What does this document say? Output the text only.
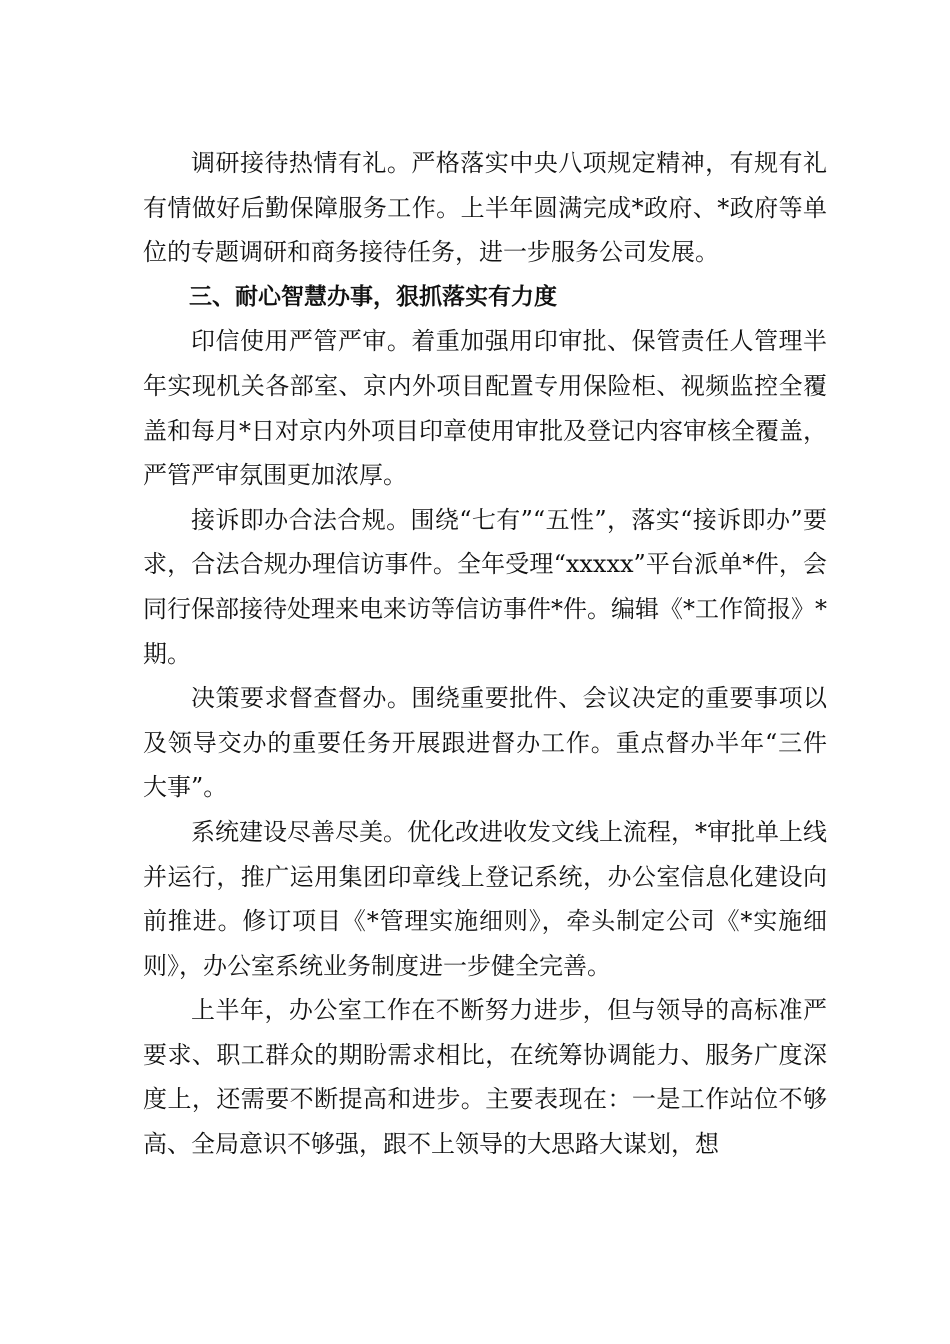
调研接待热情有礼。严格落实中央八项规定精神，有规有礼有情做好后勤保障服务工作。上半年圆满完成*政府、*政府等单位的专题调研和商务接待任务，进一步服务公司发展。

三、耐心智慧办事，狠抓落实有力度

印信使用严管严审。着重加强用印审批、保管责任人管理半年实现机关各部室、京内外项目配置专用保险柜、视频监控全覆盖和每月*日对京内外项目印章使用审批及登记内容审核全覆盖，严管严审氛围更加浓厚。

接诉即办合法合规。围绕“七有”“五性”，落实“接诉即办”要求，合法合规办理信访事件。全年受理“xxxxx”平台派单*件，会同行保部接待处理来电来访等信访事件*件。编辑《*工作简报》*期。

决策要求督查督办。围绕重要批件、会议决定的重要事项以及领导交办的重要任务开展跟进督办工作。重点督办半年“三件大事”。

系统建设尽善尽美。优化改进收发文线上流程，*审批单上线并运行，推广运用集团印章线上登记系统，办公室信息化建设向前推进。修订项目《*管理实施细则》，牵头制定公司《*实施细则》，办公室系统业务制度进一步健全完善。

上半年，办公室工作在不断努力进步，但与领导的高标准严要求、职工群众的期盼需求相比，在统筹协调能力、服务广度深度上，还需要不断提高和进步。主要表现在：一是工作站位不够高、全局意识不够强，跟不上领导的大思路大谋划，想
